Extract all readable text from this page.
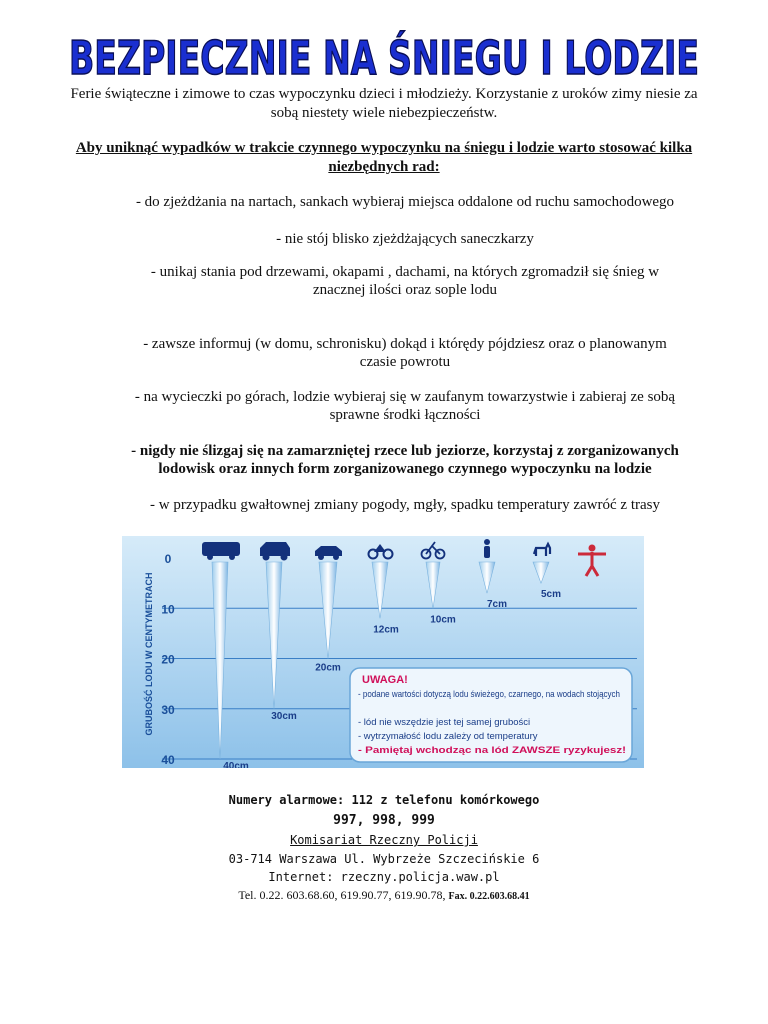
BEZPIECZNIE NA ŚNIEGU I LODZIE
Ferie świąteczne i zimowe to czas wypoczynku dzieci i młodzieży. Korzystanie z uroków zimy niesie za sobą niestety wiele niebezpieczeństw.
Aby uniknąć wypadków w trakcie czynnego wypoczynku na śniegu i lodzie warto stosować kilka niezbędnych rad:
- do zjeżdżania na nartach, sankach wybieraj miejsca oddalone od ruchu samochodowego
- nie stój blisko zjeżdżających saneczkarzy
- unikaj stania pod drzewami, okapami , dachami, na których zgromadził się śnieg w znacznej ilości oraz sople lodu
- zawsze informuj (w domu, schronisku) dokąd i którędy pójdziesz oraz o planowanym czasie powrotu
- na wycieczki po górach, lodzie wybieraj się w zaufanym towarzystwie i zabieraj ze sobą sprawne środki łączności
- nigdy nie ślizgaj się na zamarzniętej rzece lub jeziorze, korzystaj z zorganizowanych lodowisk oraz innych form zorganizowanego czynnego wypoczynku na lodzie
- w przypadku gwałtownej zmiany pogody, mgły, spadku temperatury zawróć z trasy
GRUBOŚĆ LODU W CENTYMETRACH
0
10
20
30
40	40cm
30cm
20cm
12cm
10cm
7cm
5cm
UWAGA!
- podane wartości dotyczą lodu świeżego, czarnego, na wodach stojących
- lód nie wszędzie jest tej samej grubości
- wytrzymałość lodu zależy od temperatury
- Pamiętaj wchodząc na lód ZAWSZE ryzykujesz!
Numery alarmowe: 112 z telefonu komórkowego
997, 998, 999
Komisariat Rzeczny Policji
03-714 Warszawa Ul. Wybrzeże Szczecińskie 6
Internet: rzeczny.policja.waw.pl
Tel. 0.22. 603.68.60, 619.90.77, 619.90.78, Fax. 0.22.603.68.41
